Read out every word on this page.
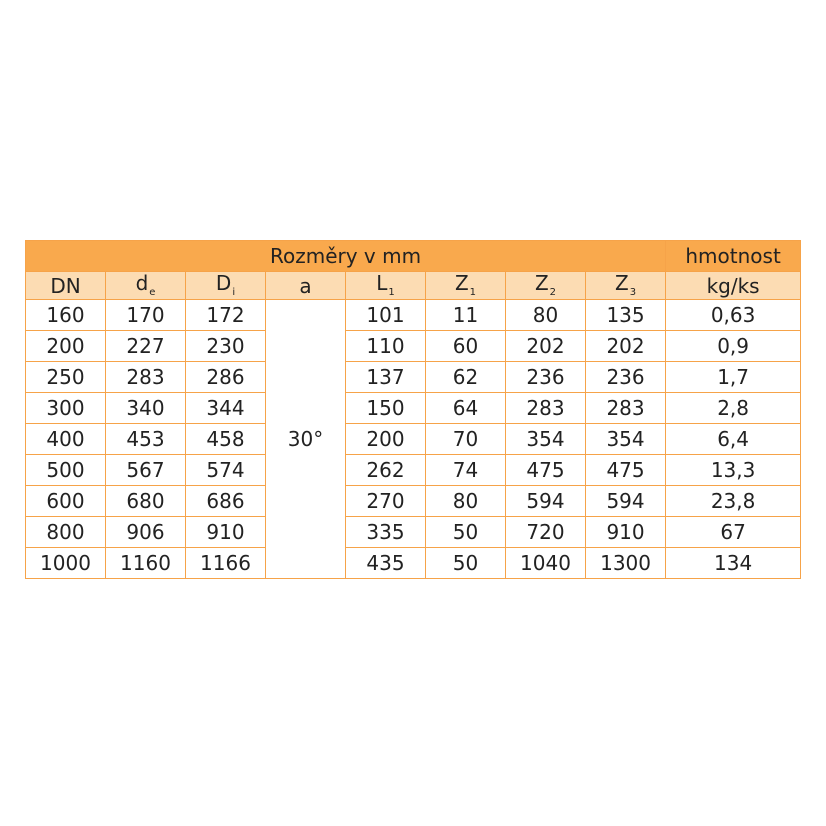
Rozměry v mm								hmotnost
DN	$d_e$	$D_i$	a	$L_1$	$Z_1$	$Z_2$	$Z_3$	kg/ks
160	170	172	30°	101	11	80	135	0,63
200	227	230		110	60	202	202	0,9
250	283	286		137	62	236	236	1,7
300	340	344		150	64	283	283	2,8
400	453	458		200	70	354	354	6,4
500	567	574		262	74	475	475	13,3
600	680	686		270	80	594	594	23,8
800	906	910		335	50	720	910	67
1000	1160	1166		435	50	1040	1300	134
